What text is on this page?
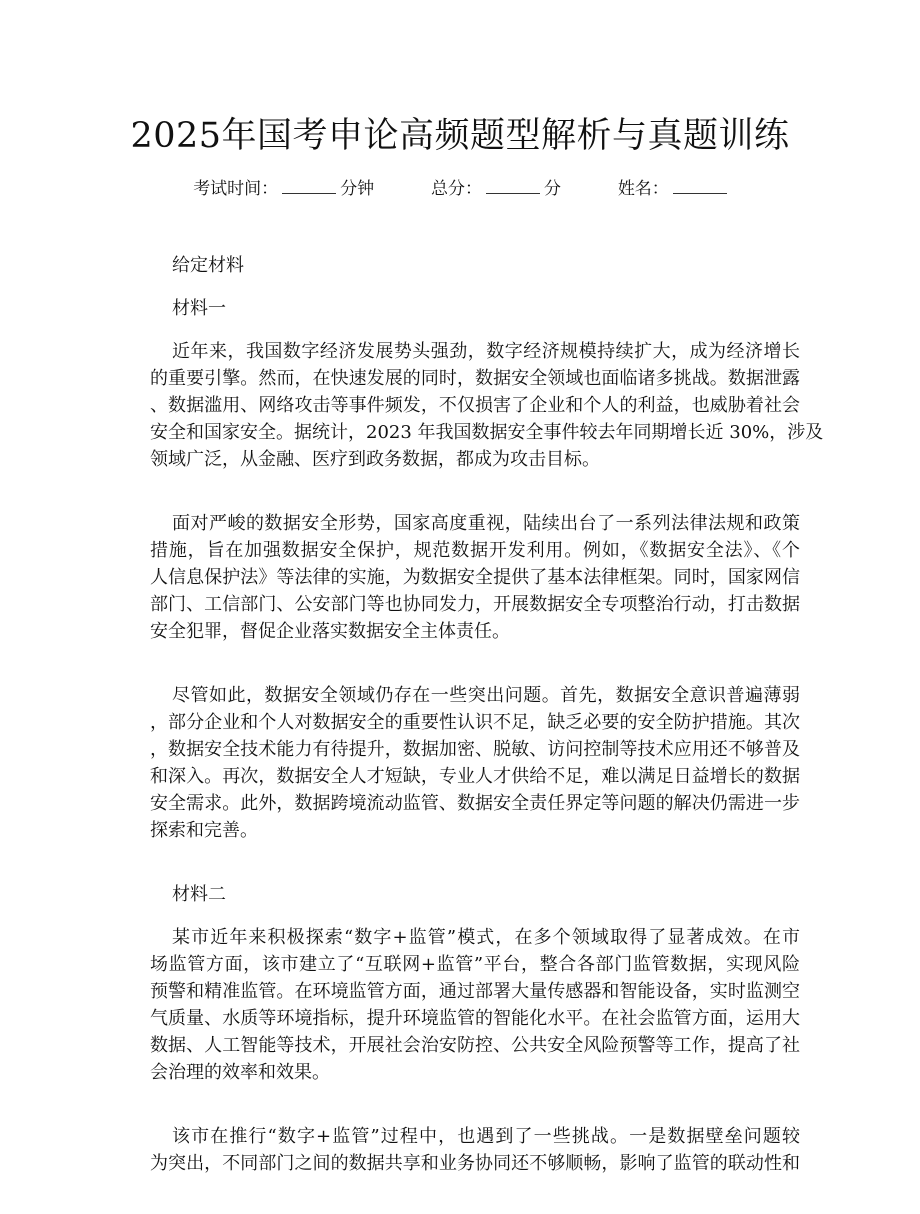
2025年国考申论高频题型解析与真题训练
考试时间：	分钟	总分：	分	姓名：
给定材料
材料一
近年来，我国数字经济发展势头强劲，数字经济规模持续扩大，成为经济增长
的重要引擎。然而，在快速发展的同时，数据安全领域也面临诸多挑战。数据泄露
、数据滥用、网络攻击等事件频发，不仅损害了企业和个人的利益，也威胁着社会
安全和国家安全。据统计，2023 年我国数据安全事件较去年同期增长近 30%，涉及
领域广泛，从金融、医疗到政务数据，都成为攻击目标。
面对严峻的数据安全形势，国家高度重视，陆续出台了一系列法律法规和政策
措施，旨在加强数据安全保护，规范数据开发利用。例如，《数据安全法》、《个
人信息保护法》等法律的实施，为数据安全提供了基本法律框架。同时，国家网信
部门、工信部门、公安部门等也协同发力，开展数据安全专项整治行动，打击数据
安全犯罪，督促企业落实数据安全主体责任。
尽管如此，数据安全领域仍存在一些突出问题。首先，数据安全意识普遍薄弱
，部分企业和个人对数据安全的重要性认识不足，缺乏必要的安全防护措施。其次
，数据安全技术能力有待提升，数据加密、脱敏、访问控制等技术应用还不够普及
和深入。再次，数据安全人才短缺，专业人才供给不足，难以满足日益增长的数据
安全需求。此外，数据跨境流动监管、数据安全责任界定等问题的解决仍需进一步
探索和完善。
材料二
某市近年来积极探索“数字+监管”模式，在多个领域取得了显著成效。在市
场监管方面，该市建立了“互联网+监管”平台，整合各部门监管数据，实现风险
预警和精准监管。在环境监管方面，通过部署大量传感器和智能设备，实时监测空
气质量、水质等环境指标，提升环境监管的智能化水平。在社会监管方面，运用大
数据、人工智能等技术，开展社会治安防控、公共安全风险预警等工作，提高了社
会治理的效率和效果。
该市在推行“数字+监管”过程中，也遇到了一些挑战。一是数据壁垒问题较
为突出，不同部门之间的数据共享和业务协同还不够顺畅，影响了监管的联动性和
